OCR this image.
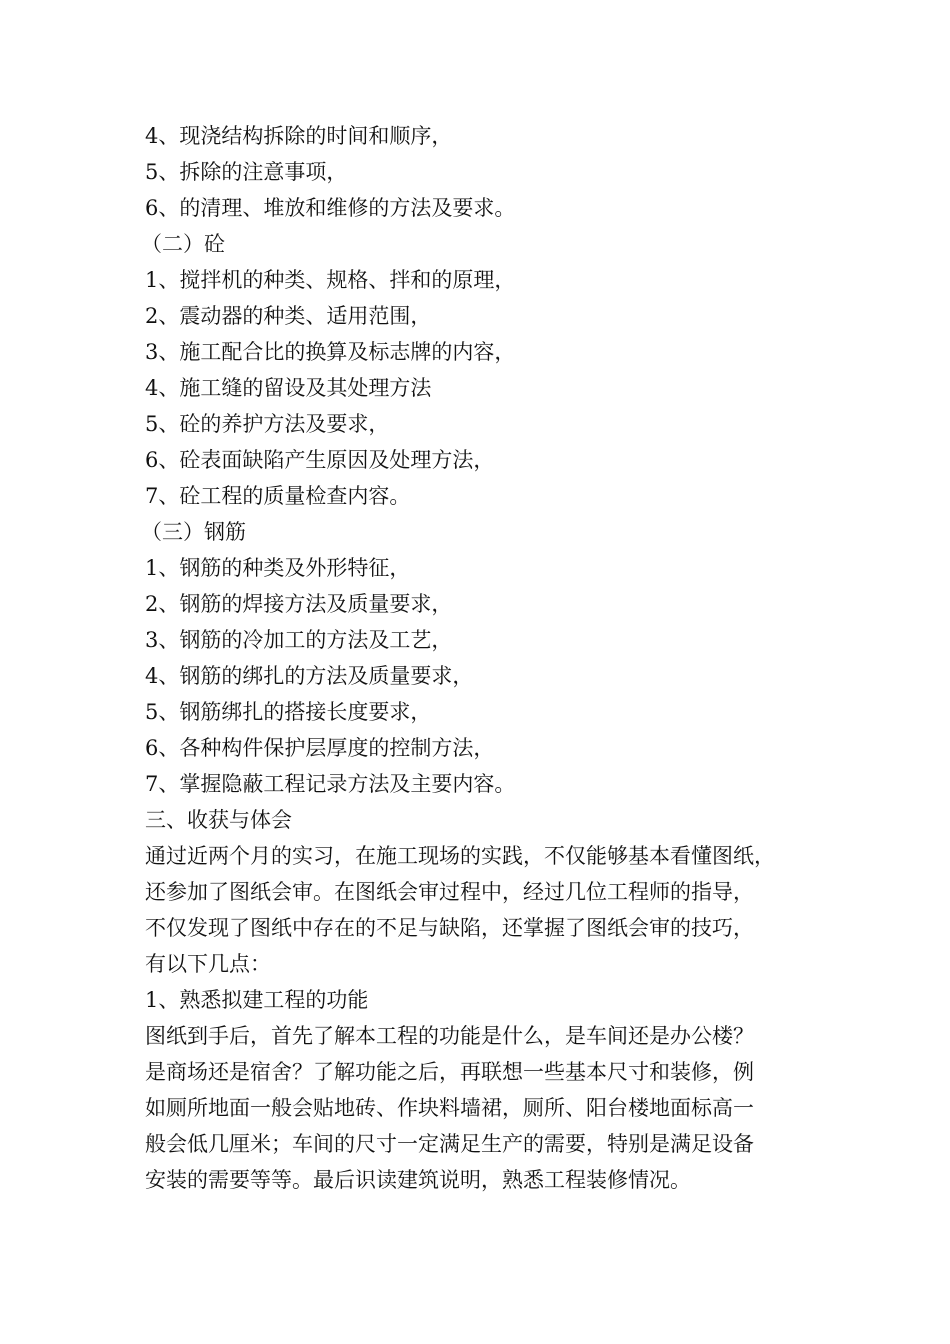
4、现浇结构拆除的时间和顺序，
5、拆除的注意事项，
6、的清理、堆放和维修的方法及要求。
（二）砼
1、搅拌机的种类、规格、拌和的原理，
2、震动器的种类、适用范围，
3、施工配合比的换算及标志牌的内容，
4、施工缝的留设及其处理方法
5、砼的养护方法及要求，
6、砼表面缺陷产生原因及处理方法，
7、砼工程的质量检查内容。
（三）钢筋
1、钢筋的种类及外形特征，
2、钢筋的焊接方法及质量要求，
3、钢筋的冷加工的方法及工艺，
4、钢筋的绑扎的方法及质量要求，
5、钢筋绑扎的搭接长度要求，
6、各种构件保护层厚度的控制方法，
7、掌握隐蔽工程记录方法及主要内容。
三、收获与体会
通过近两个月的实习，在施工现场的实践，不仅能够基本看懂图纸，
还参加了图纸会审。在图纸会审过程中，经过几位工程师的指导，
不仅发现了图纸中存在的不足与缺陷，还掌握了图纸会审的技巧，
有以下几点：
1、熟悉拟建工程的功能
图纸到手后，首先了解本工程的功能是什么，是车间还是办公楼？
是商场还是宿舍？了解功能之后，再联想一些基本尺寸和装修，例
如厕所地面一般会贴地砖、作块料墙裙，厕所、阳台楼地面标高一
般会低几厘米；车间的尺寸一定满足生产的需要，特别是满足设备
安装的需要等等。最后识读建筑说明，熟悉工程装修情况。
